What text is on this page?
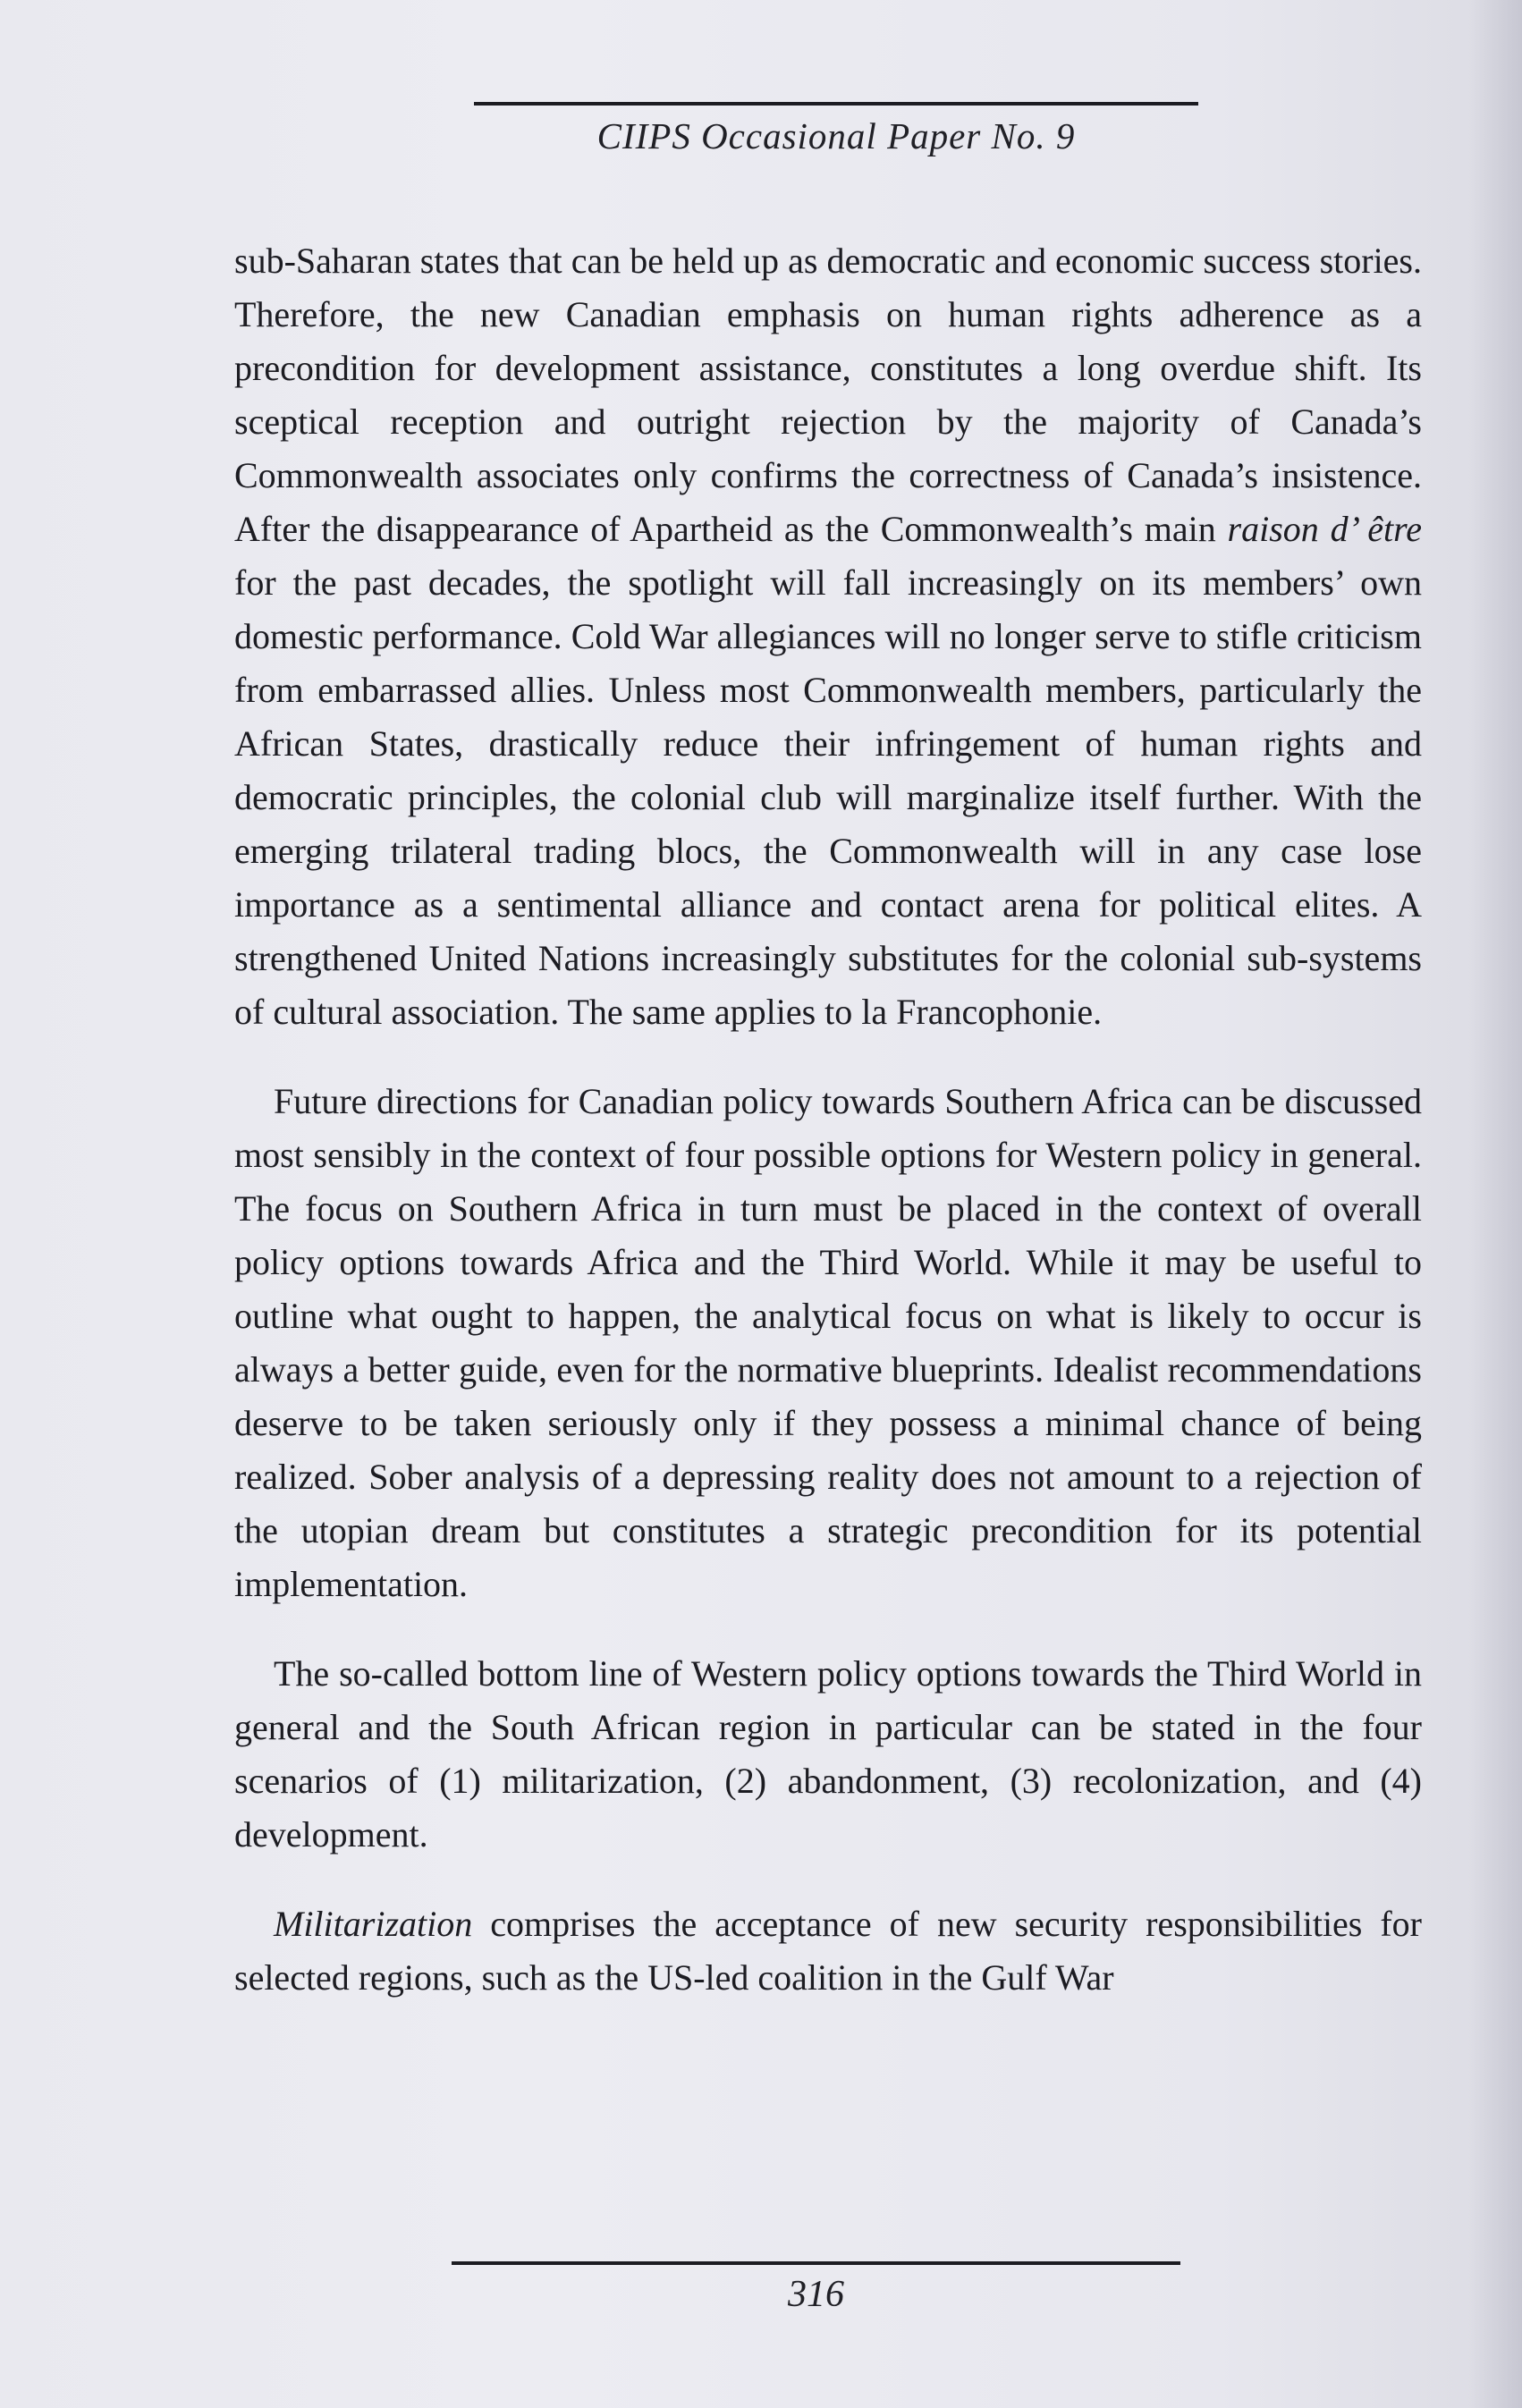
CIIPS Occasional Paper No. 9

sub-Saharan states that can be held up as democratic and economic success stories. Therefore, the new Canadian emphasis on human rights adherence as a precondition for development assistance, constitutes a long overdue shift. Its sceptical reception and outright rejection by the majority of Canada’s Commonwealth associates only confirms the correctness of Canada’s insistence. After the disappearance of Apartheid as the Commonwealth’s main raison d’ être for the past decades, the spotlight will fall increasingly on its members’ own domestic performance. Cold War allegiances will no longer serve to stifle criticism from embarrassed allies. Unless most Commonwealth members, particularly the African States, drastically reduce their infringement of human rights and democratic principles, the colonial club will marginalize itself further. With the emerging trilateral trading blocs, the Commonwealth will in any case lose importance as a sentimental alliance and contact arena for political elites. A strengthened United Nations increasingly substitutes for the colonial sub-systems of cultural association. The same applies to la Francophonie.

Future directions for Canadian policy towards Southern Africa can be discussed most sensibly in the context of four possible options for Western policy in general. The focus on Southern Africa in turn must be placed in the context of overall policy options towards Africa and the Third World. While it may be useful to outline what ought to happen, the analytical focus on what is likely to occur is always a better guide, even for the normative blueprints. Idealist recommendations deserve to be taken seriously only if they possess a minimal chance of being realized. Sober analysis of a depressing reality does not amount to a rejection of the utopian dream but constitutes a strategic precondition for its potential implementation.

The so-called bottom line of Western policy options towards the Third World in general and the South African region in particular can be stated in the four scenarios of (1) militarization, (2) abandonment, (3) recolonization, and (4) development.

Militarization comprises the acceptance of new security responsibilities for selected regions, such as the US-led coalition in the Gulf War

316
